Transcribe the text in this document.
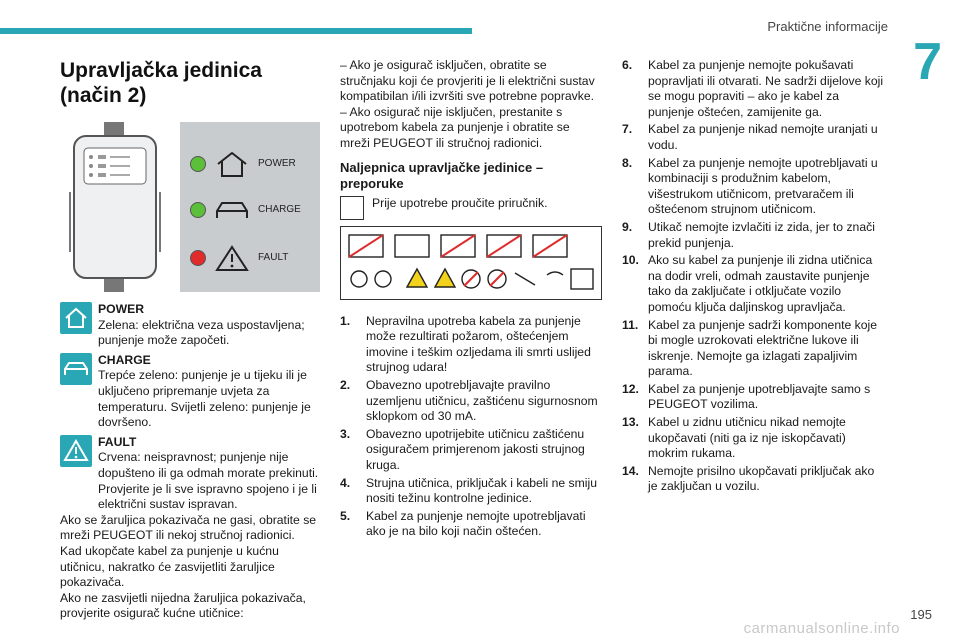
Praktične informacije
7
Upravljačka jedinica (način 2)
POWER
CHARGE
FAULT
POWER
Zelena: električna veza uspostavljena; punjenje može započeti.
CHARGE
Trepće zeleno: punjenje je u tijeku ili je uključeno pripremanje uvjeta za temperaturu. Svijetli zeleno: punjenje je dovršeno.
FAULT
Crvena: neispravnost; punjenje nije dopušteno ili ga odmah morate prekinuti. Provjerite je li sve ispravno spojeno i je li električni sustav ispravan.

Ako se žaruljica pokazivača ne gasi, obratite se mreži PEUGEOT ili nekoj stručnoj radionici.

Kad ukopčate kabel za punjenje u kućnu utičnicu, nakratko će zasvijetliti žaruljice pokazivača.

Ako ne zasvijetli nijedna žaruljica pokazivača, provjerite osigurač kućne utičnice:

– Ako je osigurač isključen, obratite se stručnjaku koji će provjeriti je li električni sustav kompatibilan i/ili izvršiti sve potrebne popravke.

– Ako osigurač nije isključen, prestanite s upotrebom kabela za punjenje i obratite se mreži PEUGEOT ili stručnoj radionici.

Naljepnica upravljačke jedinice – preporuke
Prije upotrebe proučite priručnik.
1. Nepravilna upotreba kabela za punjenje može rezultirati požarom, oštećenjem imovine i teškim ozljedama ili smrti uslijed strujnog udara!
2. Obavezno upotrebljavajte pravilno uzemljenu utičnicu, zaštićenu sigurnosnom sklopkom od 30 mA.
3. Obavezno upotrijebite utičnicu zaštićenu osiguračem primjerenom jakosti strujnog kruga.
4. Strujna utičnica, priključak i kabeli ne smiju nositi težinu kontrolne jedinice.
5. Kabel za punjenje nemojte upotrebljavati ako je na bilo koji način oštećen.
6. Kabel za punjenje nemojte pokušavati popravljati ili otvarati. Ne sadrži dijelove koji se mogu popraviti – ako je kabel za punjenje oštećen, zamijenite ga.
7. Kabel za punjenje nikad nemojte uranjati u vodu.
8. Kabel za punjenje nemojte upotrebljavati u kombinaciji s produžnim kabelom, višestrukom utičnicom, pretvaračem ili oštećenom strujnom utičnicom.
9. Utikač nemojte izvlačiti iz zida, jer to znači prekid punjenja.
10. Ako su kabel za punjenje ili zidna utičnica na dodir vreli, odmah zaustavite punjenje tako da zaključate i otključate vozilo pomoću ključa daljinskog upravljača.
11. Kabel za punjenje sadrži komponente koje bi mogle uzrokovati električne lukove ili iskrenje. Nemojte ga izlagati zapaljivim parama.
12. Kabel za punjenje upotrebljavajte samo s PEUGEOT vozilima.
13. Kabel u zidnu utičnicu nikad nemojte ukopčavati (niti ga iz nje iskopčavati) mokrim rukama.
14. Nemojte prisilno ukopčavati priključak ako je zaključan u vozilu.
195
carmanualsonline.info
